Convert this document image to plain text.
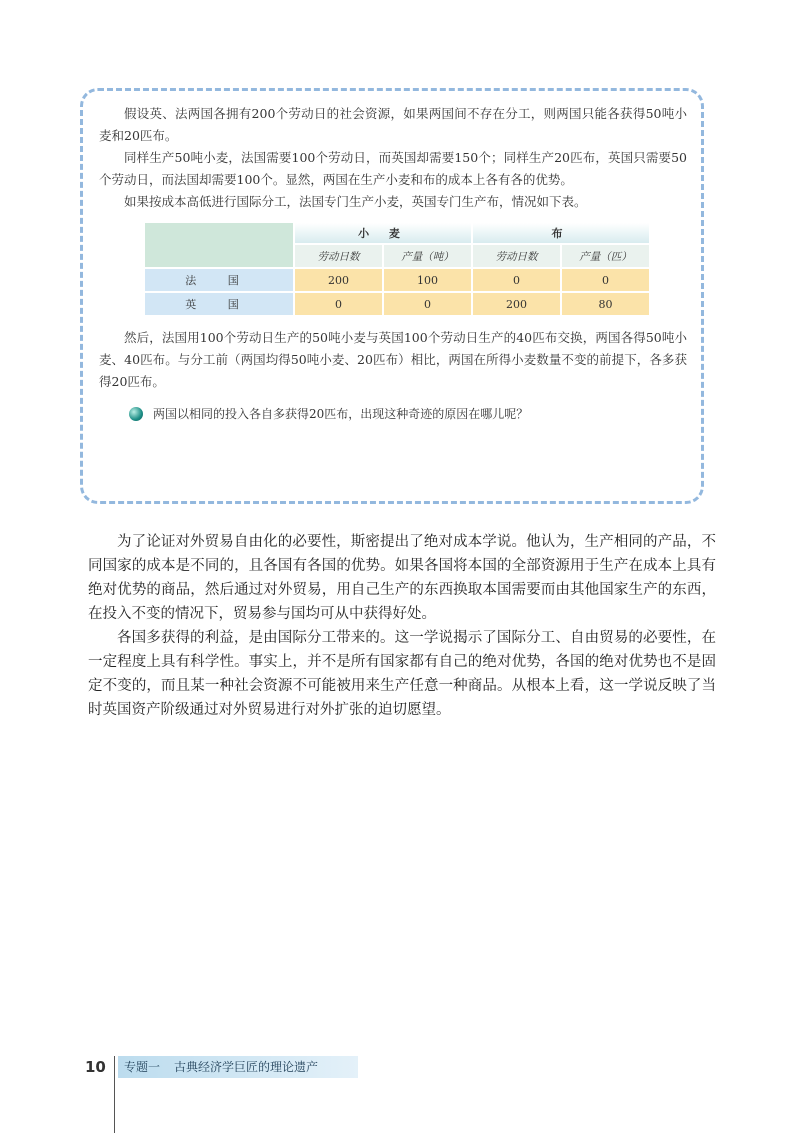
假设英、法两国各拥有200个劳动日的社会资源，如果两国间不存在分工，则两国只能各获得50吨小麦和20匹布。

同样生产50吨小麦，法国需要100个劳动日，而英国却需要150个；同样生产20匹布，英国只需要50个劳动日，而法国却需要100个。显然，两国在生产小麦和布的成本上各有各的优势。

如果按成本高低进行国际分工，法国专门生产小麦，英国专门生产布，情况如下表。

	小 麦		布	
	劳动日数	产量（吨）	劳动日数	产量（匹）
法 国	200	100	0	0
英 国	0	0	200	80

然后，法国用100个劳动日生产的50吨小麦与英国100个劳动日生产的40匹布交换，两国各得50吨小麦、40匹布。与分工前（两国均得50吨小麦、20匹布）相比，两国在所得小麦数量不变的前提下，各多获得20匹布。

两国以相同的投入各自多获得20匹布，出现这种奇迹的原因在哪儿呢？

为了论证对外贸易自由化的必要性，斯密提出了绝对成本学说。他认为，生产相同的产品，不同国家的成本是不同的，且各国有各国的优势。如果各国将本国的全部资源用于生产在成本上具有绝对优势的商品，然后通过对外贸易，用自己生产的东西换取本国需要而由其他国家生产的东西，在投入不变的情况下，贸易参与国均可从中获得好处。

各国多获得的利益，是由国际分工带来的。这一学说揭示了国际分工、自由贸易的必要性，在一定程度上具有科学性。事实上，并不是所有国家都有自己的绝对优势，各国的绝对优势也不是固定不变的，而且某一种社会资源不可能被用来生产任意一种商品。从根本上看，这一学说反映了当时英国资产阶级通过对外贸易进行对外扩张的迫切愿望。

10	专题一 古典经济学巨匠的理论遗产
